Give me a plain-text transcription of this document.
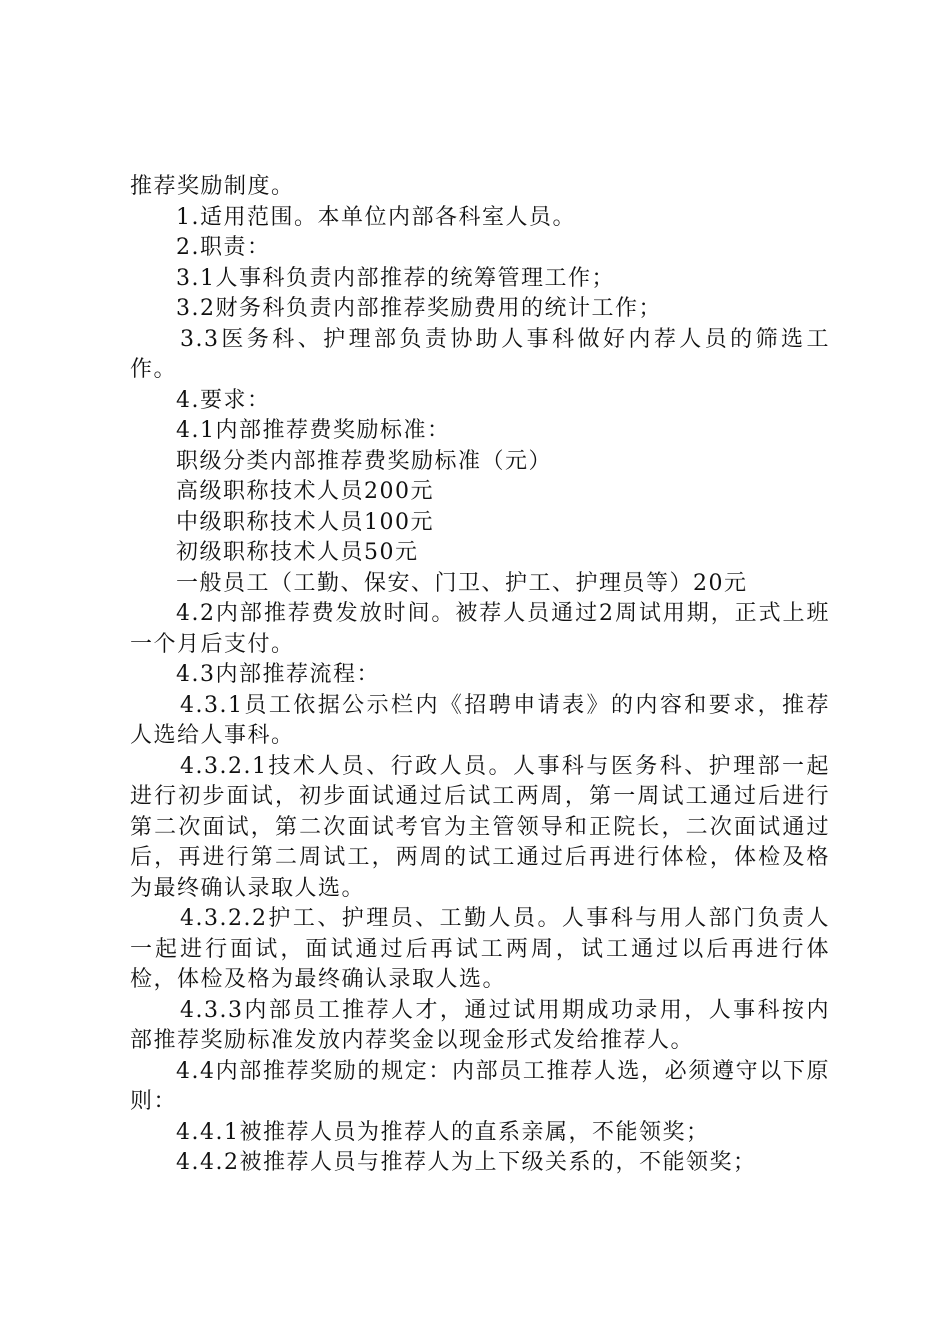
推荐奖励制度。

1.适用范围。本单位内部各科室人员。

2.职责：

3.1人事科负责内部推荐的统筹管理工作；

3.2财务科负责内部推荐奖励费用的统计工作；

3.3医务科、护理部负责协助人事科做好内荐人员的筛选工作。

4.要求：

4.1内部推荐费奖励标准：

职级分类内部推荐费奖励标准（元）

高级职称技术人员200元

中级职称技术人员100元

初级职称技术人员50元

一般员工（工勤、保安、门卫、护工、护理员等）20元

4.2内部推荐费发放时间。被荐人员通过2周试用期，正式上班一个月后支付。

4.3内部推荐流程：

4.3.1员工依据公示栏内《招聘申请表》的内容和要求，推荐人选给人事科。

4.3.2.1技术人员、行政人员。人事科与医务科、护理部一起进行初步面试，初步面试通过后试工两周，第一周试工通过后进行第二次面试，第二次面试考官为主管领导和正院长，二次面试通过后，再进行第二周试工，两周的试工通过后再进行体检，体检及格为最终确认录取人选。

4.3.2.2护工、护理员、工勤人员。人事科与用人部门负责人一起进行面试，面试通过后再试工两周，试工通过以后再进行体检，体检及格为最终确认录取人选。

4.3.3内部员工推荐人才，通过试用期成功录用，人事科按内部推荐奖励标准发放内荐奖金以现金形式发给推荐人。

4.4内部推荐奖励的规定：内部员工推荐人选，必须遵守以下原则：

4.4.1被推荐人员为推荐人的直系亲属，不能领奖；

4.4.2被推荐人员与推荐人为上下级关系的，不能领奖；
